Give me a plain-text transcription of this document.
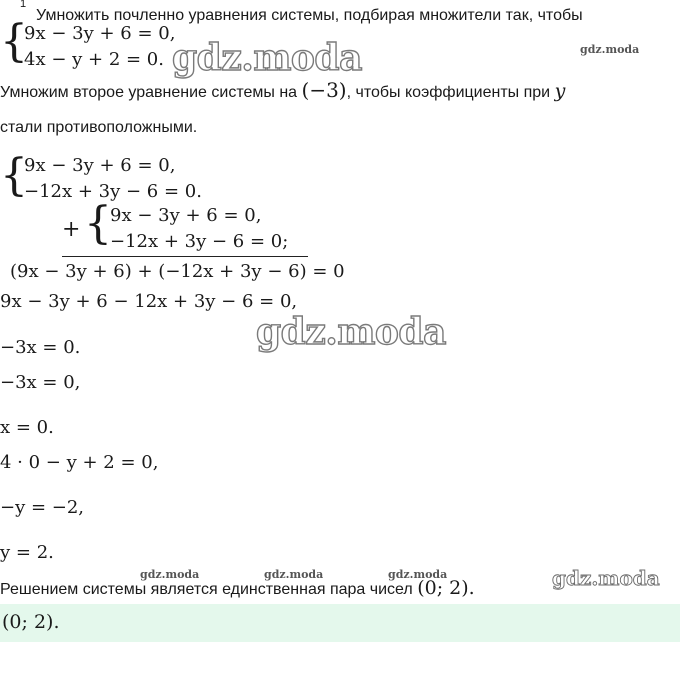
1
Умножить почленно уравнения системы, подбирая множители так, чтобы
{
9x − 3y + 6 = 0,
4x − y + 2 = 0. gdz.moda	gdz.moda
Умножим второе уравнение системы на (−3), чтобы коэффициенты при y
стали противоположными.
{
9x − 3y + 6 = 0,
−12x + 3y − 6 = 0.
+ {
9x − 3y + 6 = 0,
−12x + 3y − 6 = 0;
(9x − 3y + 6) + (−12x + 3y − 6) = 0
9x − 3y + 6 − 12x + 3y − 6 = 0,
gdz.moda
−3x = 0.
−3x = 0,
x = 0.
4 · 0 − y + 2 = 0,
−y = −2,
y = 2.
gdz.moda	gdz.moda	gdz.moda	gdz.moda
Решением системы является единственная пара чисел (0; 2).
(0; 2).
